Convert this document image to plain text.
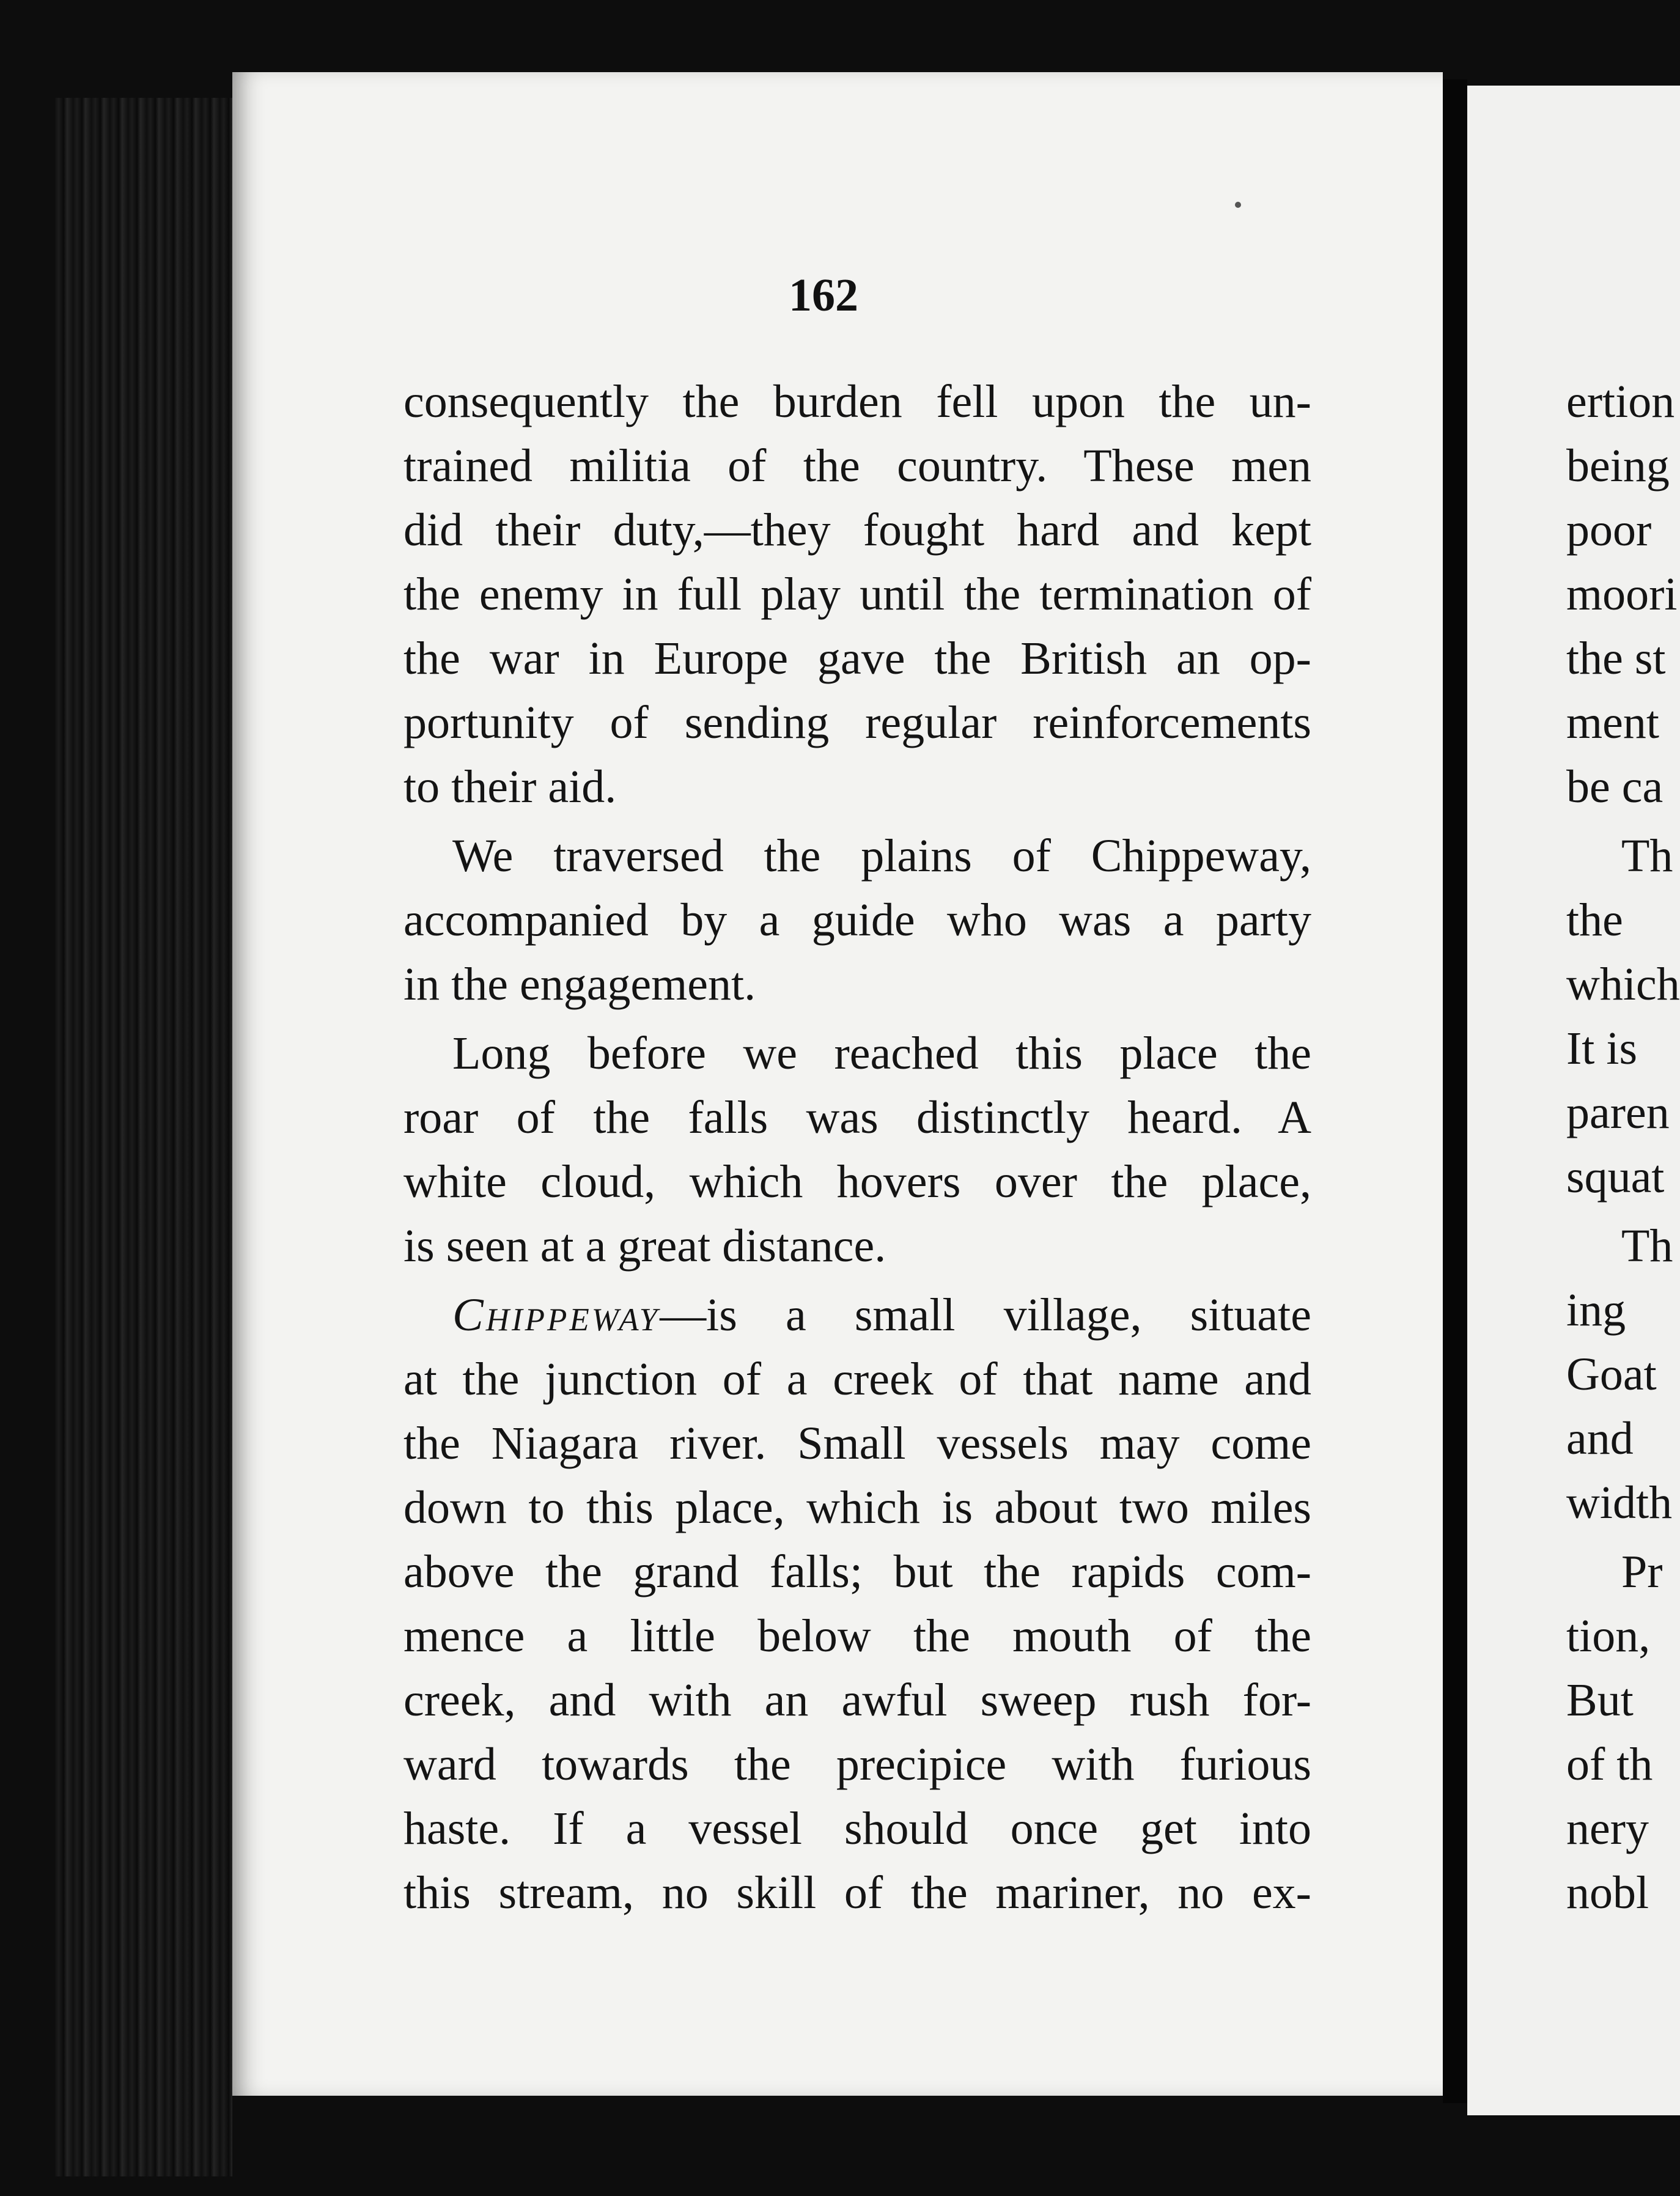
162
consequently the burden fell upon the un-
trained militia of the country. These men
did their duty,—they fought hard and kept
the enemy in full play until the termination of
the war in Europe gave the British an op-
portunity of sending regular reinforcements
to their aid.
We traversed the plains of Chippeway,
accompanied by a guide who was a party
in the engagement.
Long before we reached this place the
roar of the falls was distinctly heard. A
white cloud, which hovers over the place,
is seen at a great distance.
Chippeway—is a small village, situate
at the junction of a creek of that name and
the Niagara river. Small vessels may come
down to this place, which is about two miles
above the grand falls; but the rapids com-
mence a little below the mouth of the
creek, and with an awful sweep rush for-
ward towards the precipice with furious
haste. If a vessel should once get into
this stream, no skill of the mariner, no ex-
ertion
being
poor
moori
the st
ment
be ca
Th
the
which
It is
paren
squat
Th
ing
Goat
and
width
Pr
tion,
But
of th
nery
nobl
